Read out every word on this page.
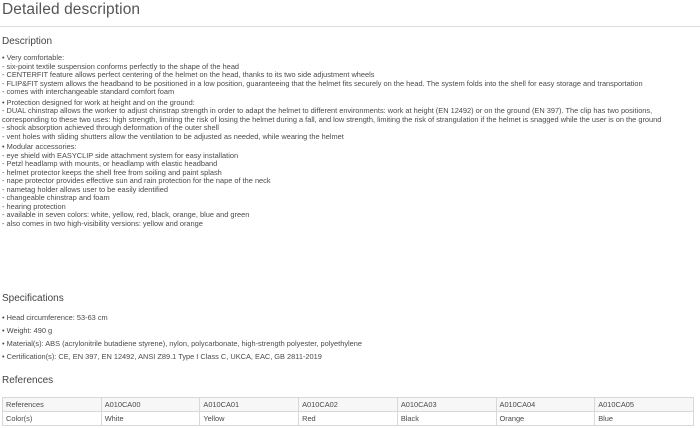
Detailed description
Description
• Very comfortable:
- six-point textile suspension conforms perfectly to the shape of the head
- CENTERFIT feature allows perfect centering of the helmet on the head, thanks to its two side adjustment wheels
- FLIP&FIT system allows the headband to be positioned in a low position, guaranteeing that the helmet fits securely on the head. The system folds into the shell for easy storage and transportation
- comes with interchangeable standard comfort foam
• Protection designed for work at height and on the ground:
- DUAL chinstrap allows the worker to adjust chinstrap strength in order to adapt the helmet to different environments: work at height (EN 12492) or on the ground (EN 397). The clip has two positions, corresponding to these two uses: high strength, limiting the risk of losing the helmet during a fall, and low strength, limiting the risk of strangulation if the helmet is snagged while the user is on the ground
- shock absorption achieved through deformation of the outer shell
- vent holes with sliding shutters allow the ventilation to be adjusted as needed, while wearing the helmet
• Modular accessories:
- eye shield with EASYCLIP side attachment system for easy installation
- Petzl headlamp with mounts, or headlamp with elastic headband
- helmet protector keeps the shell free from soiling and paint splash
- nape protector provides effective sun and rain protection for the nape of the neck
- nametag holder allows user to be easily identified
- changeable chinstrap and foam
- hearing protection
- available in seven colors: white, yellow, red, black, orange, blue and green
- also comes in two high-visibility versions: yellow and orange
Specifications
• Head circumference: 53-63 cm
• Weight: 490 g
• Material(s): ABS (acrylonitrile butadiene styrene), nylon, polycarbonate, high-strength polyester, polyethylene
• Certification(s): CE, EN 397, EN 12492, ANSI Z89.1 Type I Class C, UKCA, EAC, GB 2811-2019
References
References	A010CA00	A010CA01	A010CA02	A010CA03	A010CA04	A010CA05
Color(s)	White	Yellow	Red	Black	Orange	Blue
